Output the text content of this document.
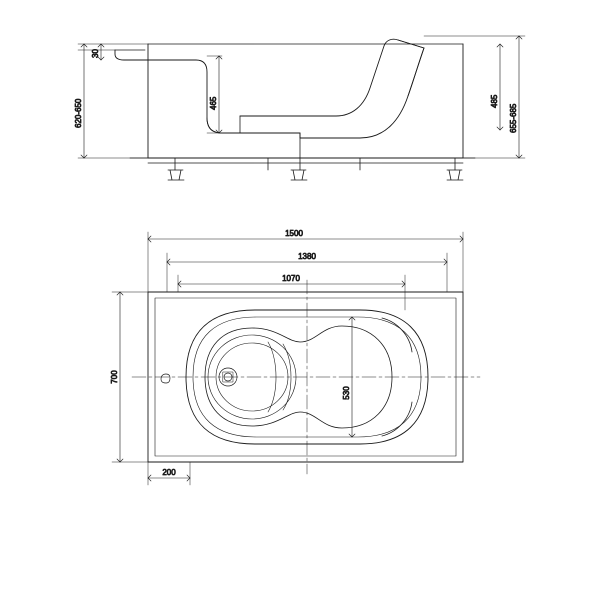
30
620-650	465	485
655-685
1500
1380
1070
700
530
200
